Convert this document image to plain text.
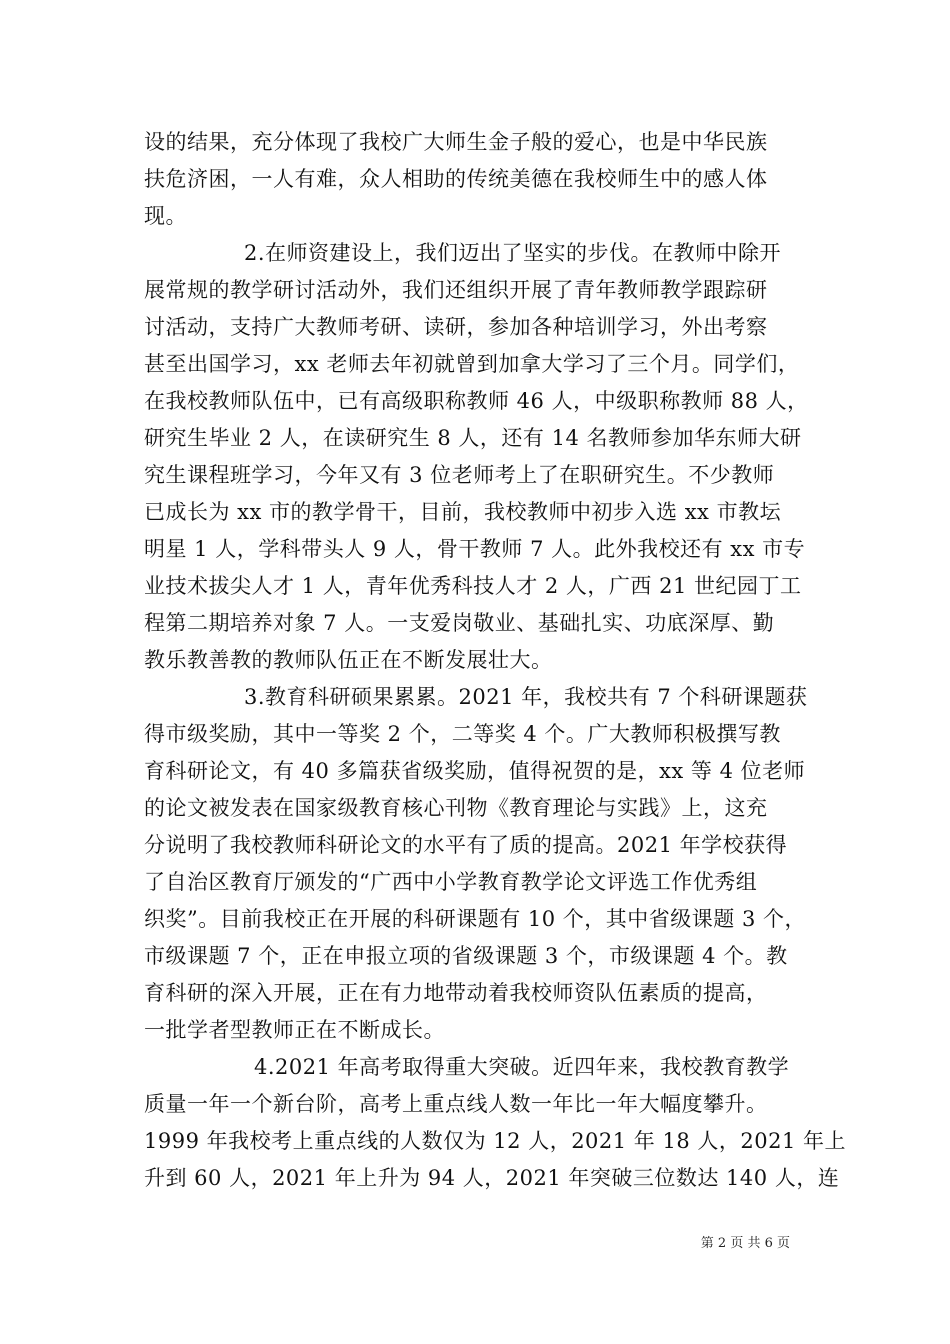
设的结果，充分体现了我校广大师生金子般的爱心，也是中华民族
扶危济困，一人有难，众人相助的传统美德在我校师生中的感人体
现。
2.在师资建设上，我们迈出了坚实的步伐。在教师中除开
展常规的教学研讨活动外，我们还组织开展了青年教师教学跟踪研
讨活动，支持广大教师考研、读研，参加各种培训学习，外出考察
甚至出国学习，xx 老师去年初就曾到加拿大学习了三个月。同学们，
在我校教师队伍中，已有高级职称教师 46 人，中级职称教师 88 人，
研究生毕业 2 人，在读研究生 8 人，还有 14 名教师参加华东师大研
究生课程班学习，今年又有 3 位老师考上了在职研究生。不少教师
已成长为 xx 市的教学骨干，目前，我校教师中初步入选 xx 市教坛
明星 1 人，学科带头人 9 人，骨干教师 7 人。此外我校还有 xx 市专
业技术拔尖人才 1 人，青年优秀科技人才 2 人，广西 21 世纪园丁工
程第二期培养对象 7 人。一支爱岗敬业、基础扎实、功底深厚、勤
教乐教善教的教师队伍正在不断发展壮大。
3.教育科研硕果累累。2021 年，我校共有 7 个科研课题获
得市级奖励，其中一等奖 2 个，二等奖 4 个。广大教师积极撰写教
育科研论文，有 40 多篇获省级奖励，值得祝贺的是，xx 等 4 位老师
的论文被发表在国家级教育核心刊物《教育理论与实践》上，这充
分说明了我校教师科研论文的水平有了质的提高。2021 年学校获得
了自治区教育厅颁发的“广西中小学教育教学论文评选工作优秀组
织奖”。目前我校正在开展的科研课题有 10 个，其中省级课题 3 个，
市级课题 7 个，正在申报立项的省级课题 3 个，市级课题 4 个。教
育科研的深入开展，正在有力地带动着我校师资队伍素质的提高，
一批学者型教师正在不断成长。
4.2021 年高考取得重大突破。近四年来，我校教育教学
质量一年一个新台阶，高考上重点线人数一年比一年大幅度攀升。
1999 年我校考上重点线的人数仅为 12 人，2021 年 18 人，2021 年上
升到 60 人，2021 年上升为 94 人，2021 年突破三位数达 140 人，连
第 2 页 共 6 页
